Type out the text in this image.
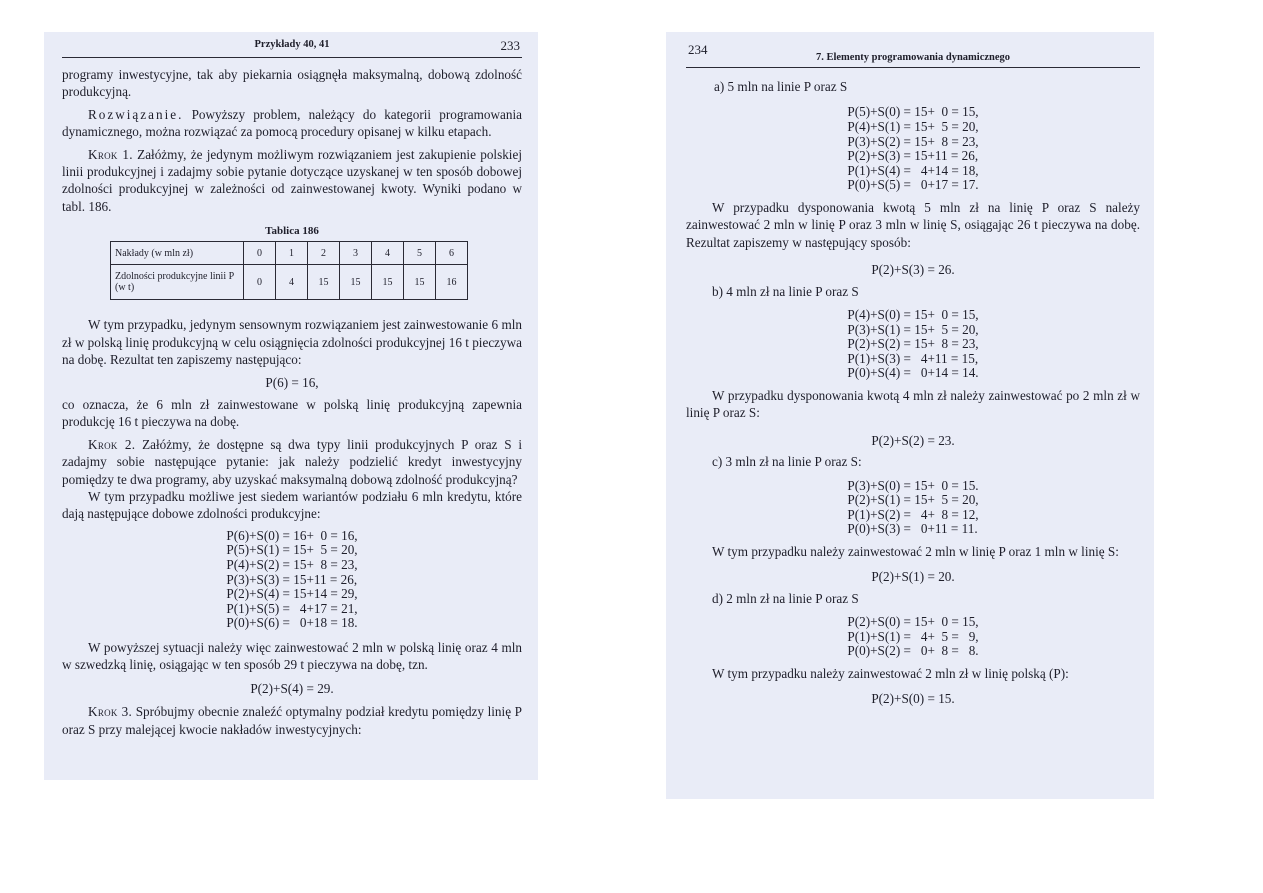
Przykłady 40, 41	233

programy inwestycyjne, tak aby piekarnia osiągnęła maksymalną, dobową zdolność produkcyjną.

Rozwiązanie. Powyższy problem, należący do kategorii programowania dynamicznego, można rozwiązać za pomocą procedury opisanej w kilku etapach.

Krok 1. Załóżmy, że jedynym możliwym rozwiązaniem jest zakupienie polskiej linii produkcyjnej i zadajmy sobie pytanie dotyczące uzyskanej w ten sposób dobowej zdolności produkcyjnej w zależności od zainwestowanej kwoty. Wyniki podano w tabl. 186.

Tablica 186
Nakłady (w mln zł)	0	1	2	3	4	5	6
Zdolności produkcyjne linii P (w t)	0	4	15	15	15	15	16

W tym przypadku, jedynym sensownym rozwiązaniem jest zainwestowanie 6 mln zł w polską linię produkcyjną w celu osiągnięcia zdolności produkcyjnej 16 t pieczywa na dobę. Rezultat ten zapiszemy następująco:

P(6) = 16,

co oznacza, że 6 mln zł zainwestowane w polską linię produkcyjną zapewnia produkcję 16 t pieczywa na dobę.

Krok 2. Załóżmy, że dostępne są dwa typy linii produkcyjnych P oraz S i zadajmy sobie następujące pytanie: jak należy podzielić kredyt inwestycyjny pomiędzy te dwa programy, aby uzyskać maksymalną dobową zdolność produkcyjną?

W tym przypadku możliwe jest siedem wariantów podziału 6 mln kredytu, które dają następujące dobowe zdolności produkcyjne:

P(6)+S(0) = 16+  0 = 16,
P(5)+S(1) = 15+  5 = 20,
P(4)+S(2) = 15+  8 = 23,
P(3)+S(3) = 15+11 = 26,
P(2)+S(4) = 15+14 = 29,
P(1)+S(5) =   4+17 = 21,
P(0)+S(6) =   0+18 = 18.

W powyższej sytuacji należy więc zainwestować 2 mln w polską linię oraz 4 mln w szwedzką linię, osiągając w ten sposób 29 t pieczywa na dobę, tzn.

P(2)+S(4) = 29.

Krok 3. Spróbujmy obecnie znaleźć optymalny podział kredytu pomiędzy linię P oraz S przy malejącej kwocie nakładów inwestycyjnych:

234
7. Elementy programowania dynamicznego
a) 5 mln na linie P oraz S
P(5)+S(0) = 15+  0 = 15,
P(4)+S(1) = 15+  5 = 20,
P(3)+S(2) = 15+  8 = 23,
P(2)+S(3) = 15+11 = 26,
P(1)+S(4) =   4+14 = 18,
P(0)+S(5) =   0+17 = 17.

W przypadku dysponowania kwotą 5 mln zł na linię P oraz S należy zainwestować 2 mln w linię P oraz 3 mln w linię S, osiągając 26 t pieczywa na dobę. Rezultat zapiszemy w następujący sposób:

P(2)+S(3) = 26.
b) 4 mln zł na linie P oraz S
P(4)+S(0) = 15+  0 = 15,
P(3)+S(1) = 15+  5 = 20,
P(2)+S(2) = 15+  8 = 23,
P(1)+S(3) =   4+11 = 15,
P(0)+S(4) =   0+14 = 14.

W przypadku dysponowania kwotą 4 mln zł należy zainwestować po 2 mln zł w linię P oraz S:

P(2)+S(2) = 23.
c) 3 mln zł na linie P oraz S:
P(3)+S(0) = 15+  0 = 15.
P(2)+S(1) = 15+  5 = 20,
P(1)+S(2) =   4+  8 = 12,
P(0)+S(3) =   0+11 = 11.

W tym przypadku należy zainwestować 2 mln w linię P oraz 1 mln w linię S:

P(2)+S(1) = 20.
d) 2 mln zł na linie P oraz S
P(2)+S(0) = 15+  0 = 15,
P(1)+S(1) =   4+  5 =   9,
P(0)+S(2) =   0+  8 =   8.

W tym przypadku należy zainwestować 2 mln zł w linię polską (P):

P(2)+S(0) = 15.
